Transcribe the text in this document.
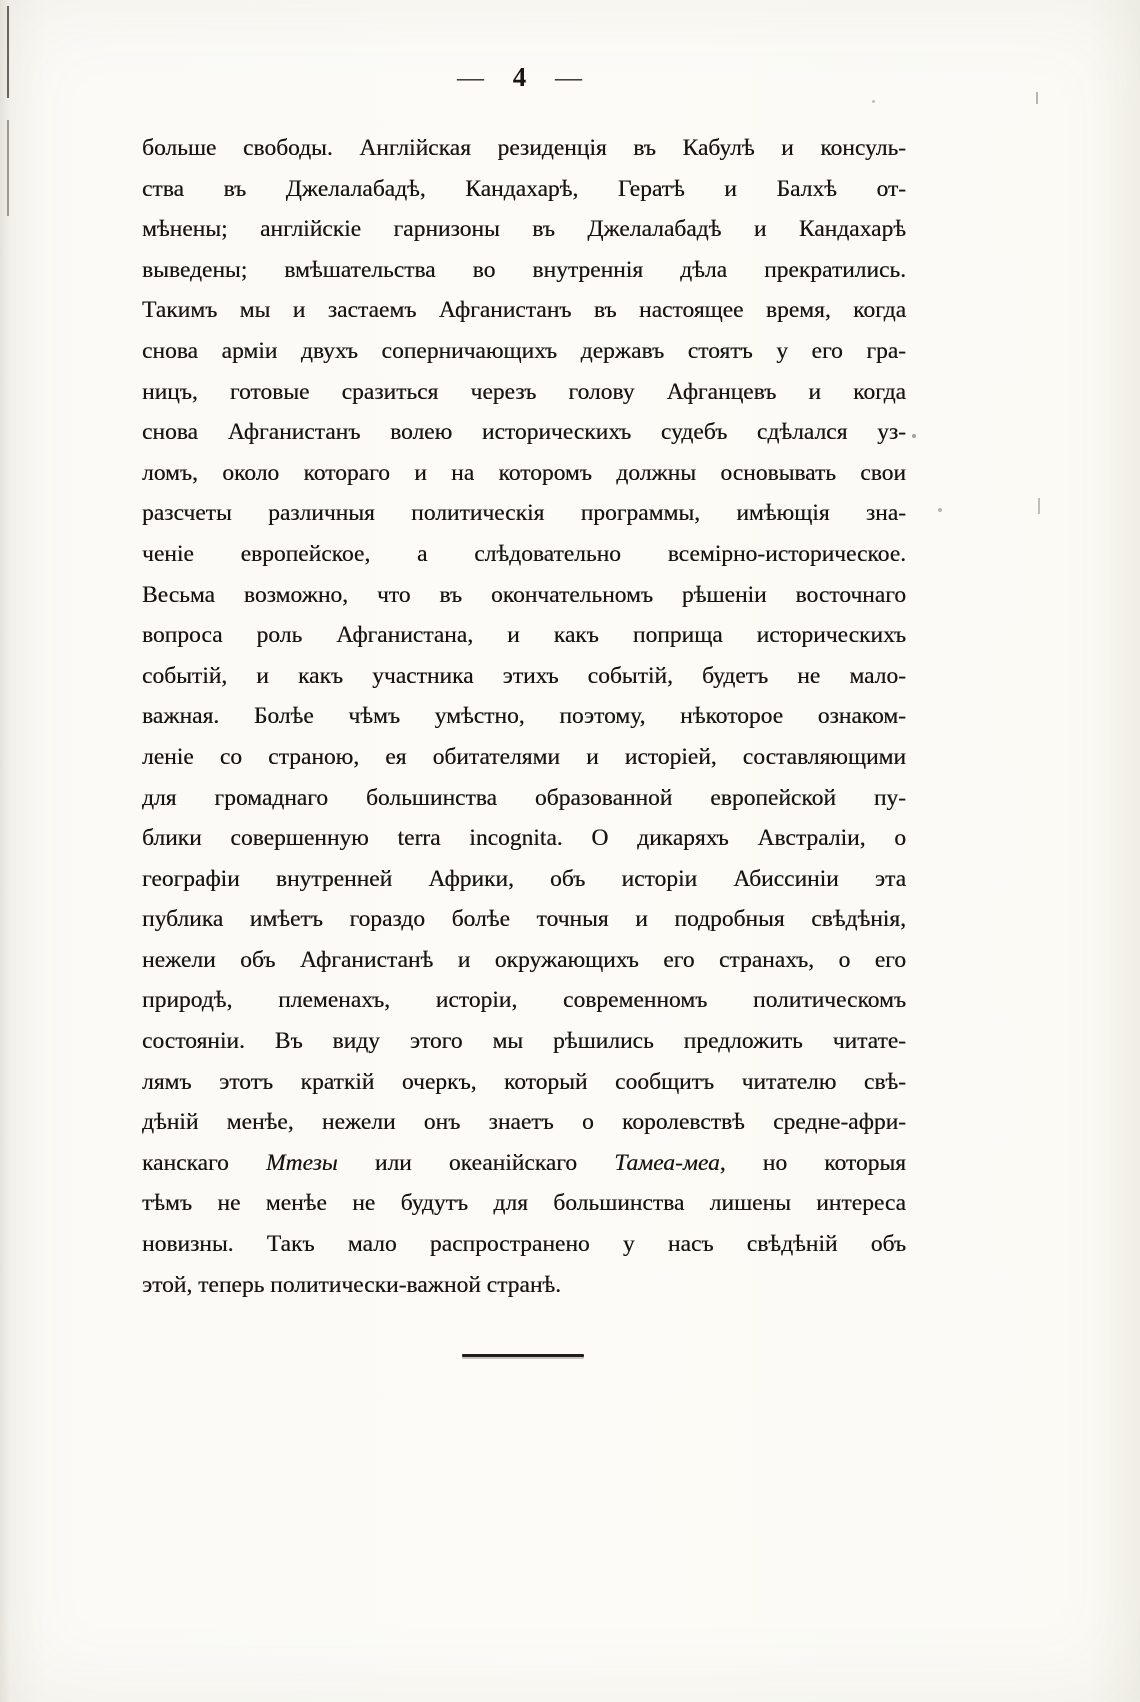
— 4 —
больше свободы. Англійская резиденція въ Кабулѣ и консуль-
ства въ Джелалабадѣ, Кандахарѣ, Гератѣ и Балхѣ от-
мѣнены; англійскіе гарнизоны въ Джелалабадѣ и Кандахарѣ
выведены; вмѣшательства во внутреннія дѣла прекратились.
Такимъ мы и застаемъ Афганистанъ въ настоящее время, когда
снова арміи двухъ соперничающихъ державъ стоятъ у его гра-
ницъ, готовые сразиться черезъ голову Афганцевъ и когда
снова Афганистанъ волею историческихъ судебъ сдѣлался уз-
ломъ, около котораго и на которомъ должны основывать свои
разсчеты различныя политическія программы, имѣющія зна-
ченіе европейское, а слѣдовательно всемірно-историческое.
Весьма возможно, что въ окончательномъ рѣшеніи восточнаго
вопроса роль Афганистана, и какъ поприща историческихъ
событій, и какъ участника этихъ событій, будетъ не мало-
важная. Болѣе чѣмъ умѣстно, поэтому, нѣкоторое ознаком-
леніе со страною, ея обитателями и исторіей, составляющими
для громаднаго большинства образованной европейской пу-
блики совершенную terra incognita. О дикаряхъ Австраліи, о
географіи внутренней Африки, объ исторіи Абиссиніи эта
публика имѣетъ гораздо болѣе точныя и подробныя свѣдѣнія,
нежели объ Афганистанѣ и окружающихъ его странахъ, о его
природѣ, племенахъ, исторіи, современномъ политическомъ
состояніи. Въ виду этого мы рѣшились предложить читате-
лямъ этотъ краткій очеркъ, который сообщитъ читателю свѣ-
дѣній менѣе, нежели онъ знаетъ о королевствѣ средне-афри-
канскаго Мтезы или океанійскаго Тамеа-меа, но которыя
тѣмъ не менѣе не будутъ для большинства лишены интереса
новизны. Такъ мало распространено у насъ свѣдѣній объ
этой, теперь политически-важной странѣ.
